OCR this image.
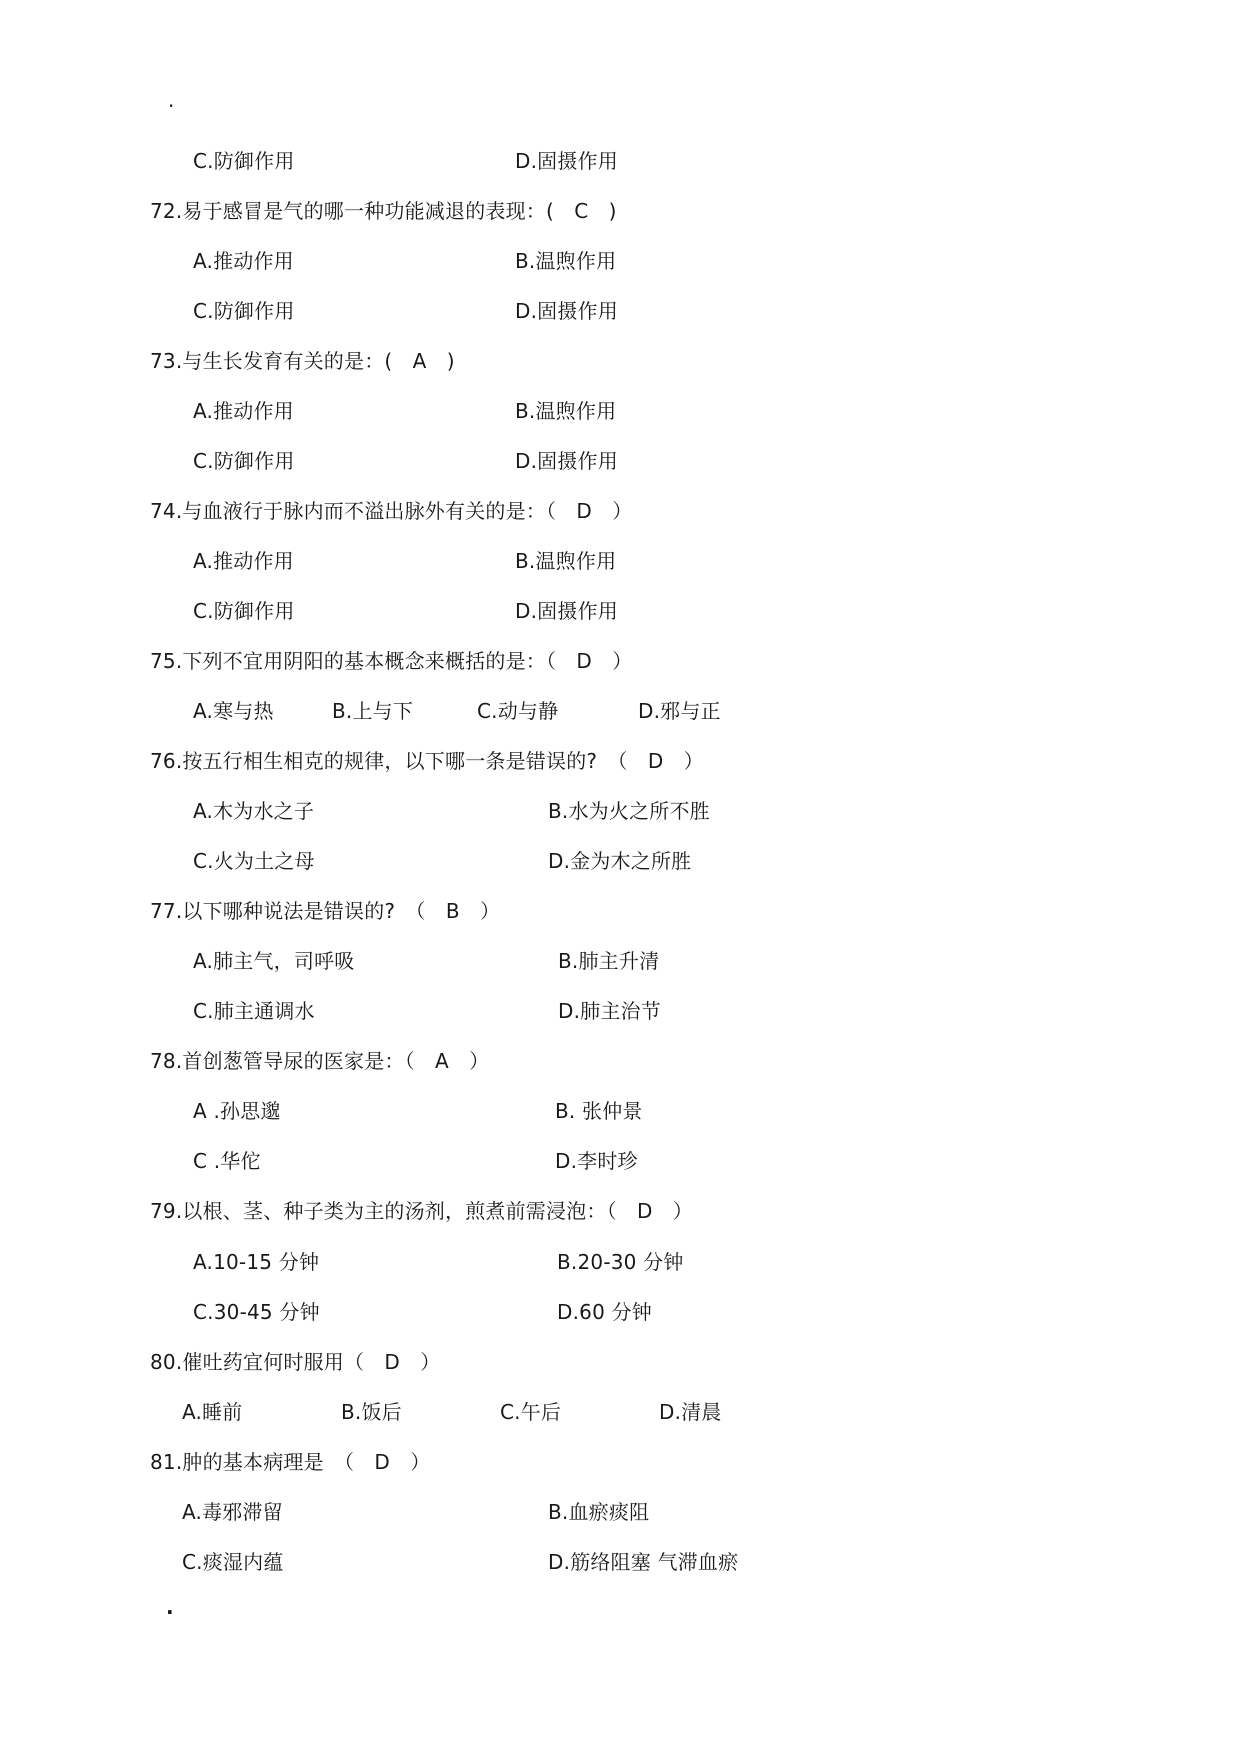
·
C.防御作用	D.固摄作用
72.易于感冒是气的哪一种功能减退的表现：(　C　)
A.推动作用	B.温煦作用
C.防御作用	D.固摄作用
73.与生长发育有关的是：(　A　)
A.推动作用	B.温煦作用
C.防御作用	D.固摄作用
74.与血液行于脉内而不溢出脉外有关的是：（　D　）
A.推动作用	B.温煦作用
C.防御作用	D.固摄作用
75.下列不宜用阴阳的基本概念来概括的是：（　D　）
A.寒与热	B.上与下	C.动与静	D.邪与正
76.按五行相生相克的规律，以下哪一条是错误的?　（　D　）
A.木为水之子	B.水为火之所不胜
C.火为土之母	D.金为木之所胜
77.以下哪种说法是错误的?　（　B　）
A.肺主气，司呼吸	B.肺主升清
C.肺主通调水	D.肺主治节
78.首创葱管导尿的医家是：（　A　）
A .孙思邈	B. 张仲景
C .华佗	D.李时珍
79.以根、茎、种子类为主的汤剂，煎煮前需浸泡：（　D　）
A.10-15 分钟	B.20-30 分钟
C.30-45 分钟	D.60 分钟
80.催吐药宜何时服用（　D　）
A.睡前	B.饭后	C.午后	D.清晨
81.肿的基本病理是　（　D　）
A.毒邪滞留	B.血瘀痰阻
C.痰湿内蕴	D.筋络阻塞 气滞血瘀
·
